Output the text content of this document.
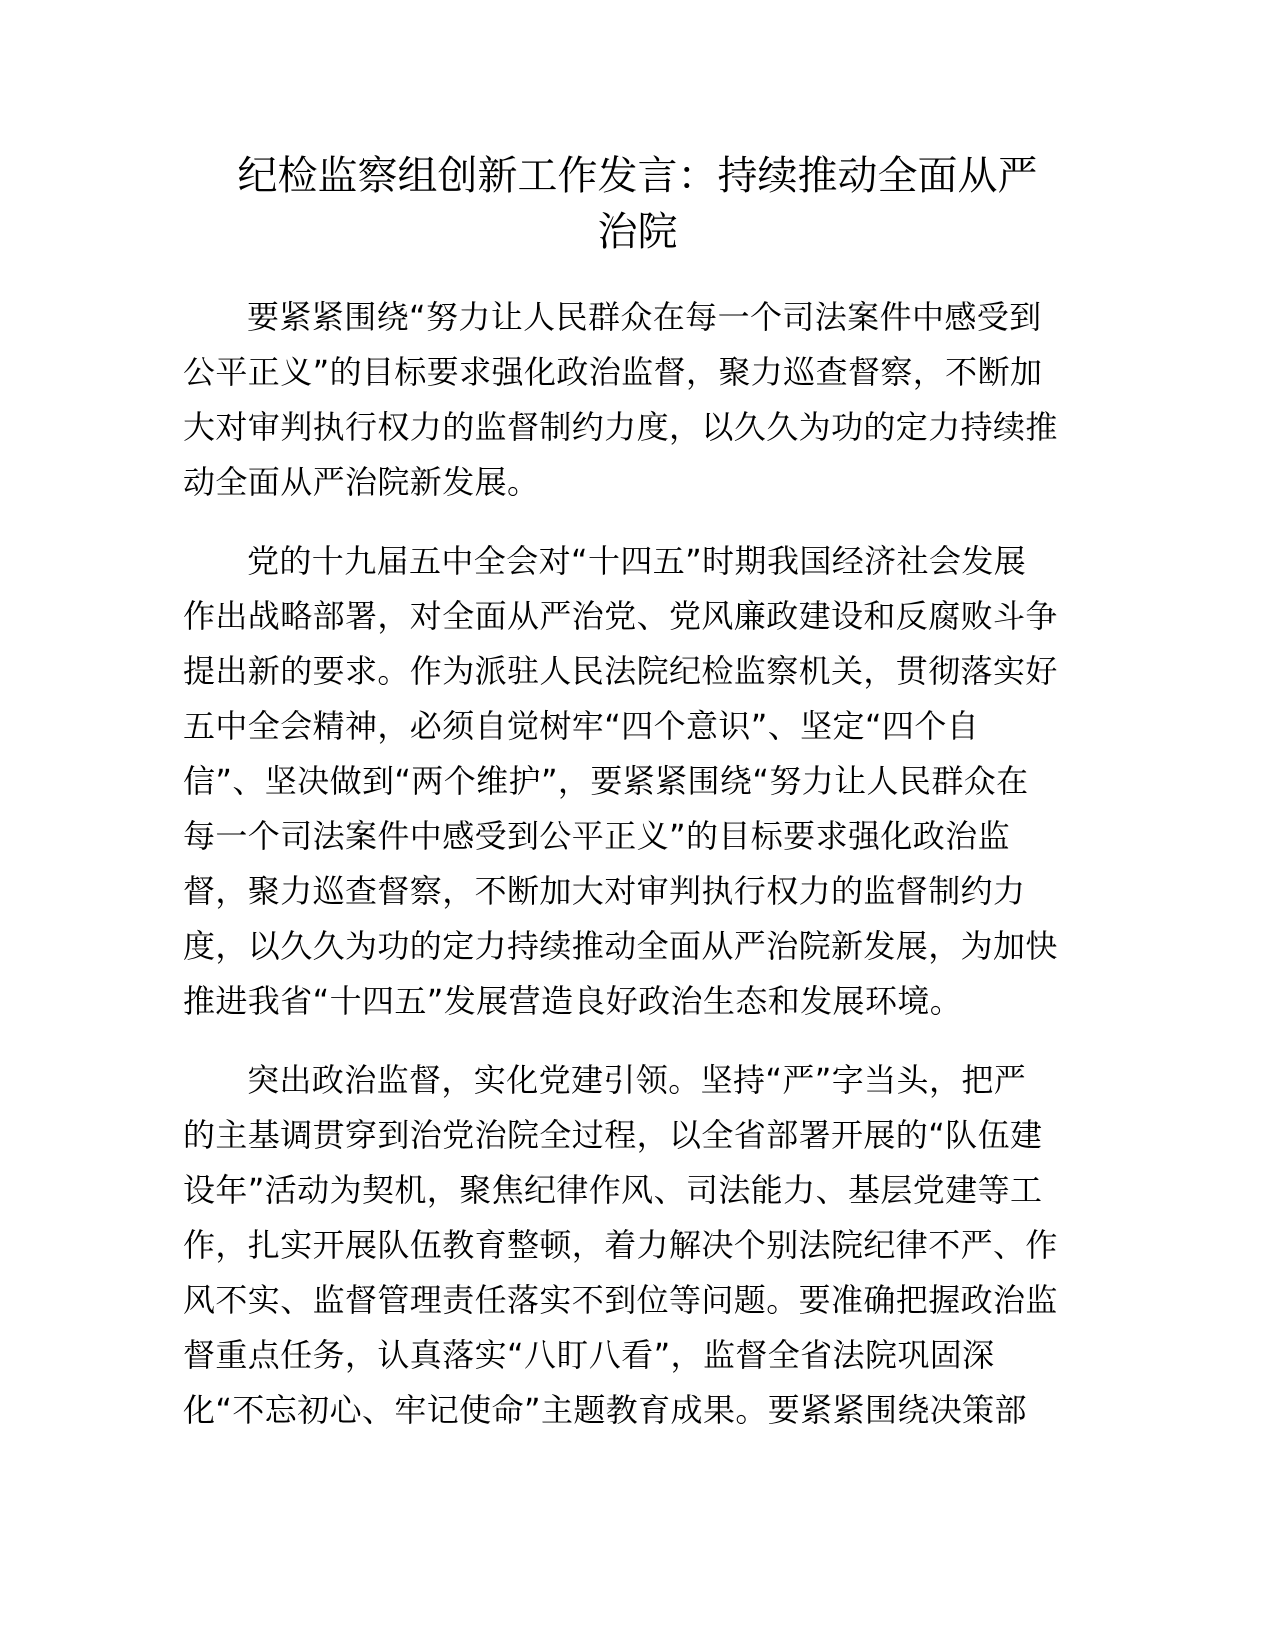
纪检监察组创新工作发言：持续推动全面从严
治院

要紧紧围绕“努力让人民群众在每一个司法案件中感受到
公平正义”的目标要求强化政治监督，聚力巡查督察，不断加
大对审判执行权力的监督制约力度，以久久为功的定力持续推
动全面从严治院新发展。

党的十九届五中全会对“十四五”时期我国经济社会发展
作出战略部署，对全面从严治党、党风廉政建设和反腐败斗争
提出新的要求。作为派驻人民法院纪检监察机关，贯彻落实好
五中全会精神，必须自觉树牢“四个意识”、坚定“四个自
信”、坚决做到“两个维护”，要紧紧围绕“努力让人民群众在
每一个司法案件中感受到公平正义”的目标要求强化政治监
督，聚力巡查督察，不断加大对审判执行权力的监督制约力
度，以久久为功的定力持续推动全面从严治院新发展，为加快
推进我省“十四五”发展营造良好政治生态和发展环境。

突出政治监督，实化党建引领。坚持“严”字当头，把严
的主基调贯穿到治党治院全过程，以全省部署开展的“队伍建
设年”活动为契机，聚焦纪律作风、司法能力、基层党建等工
作，扎实开展队伍教育整顿，着力解决个别法院纪律不严、作
风不实、监督管理责任落实不到位等问题。要准确把握政治监
督重点任务，认真落实“八盯八看”，监督全省法院巩固深
化“不忘初心、牢记使命”主题教育成果。要紧紧围绕决策部
